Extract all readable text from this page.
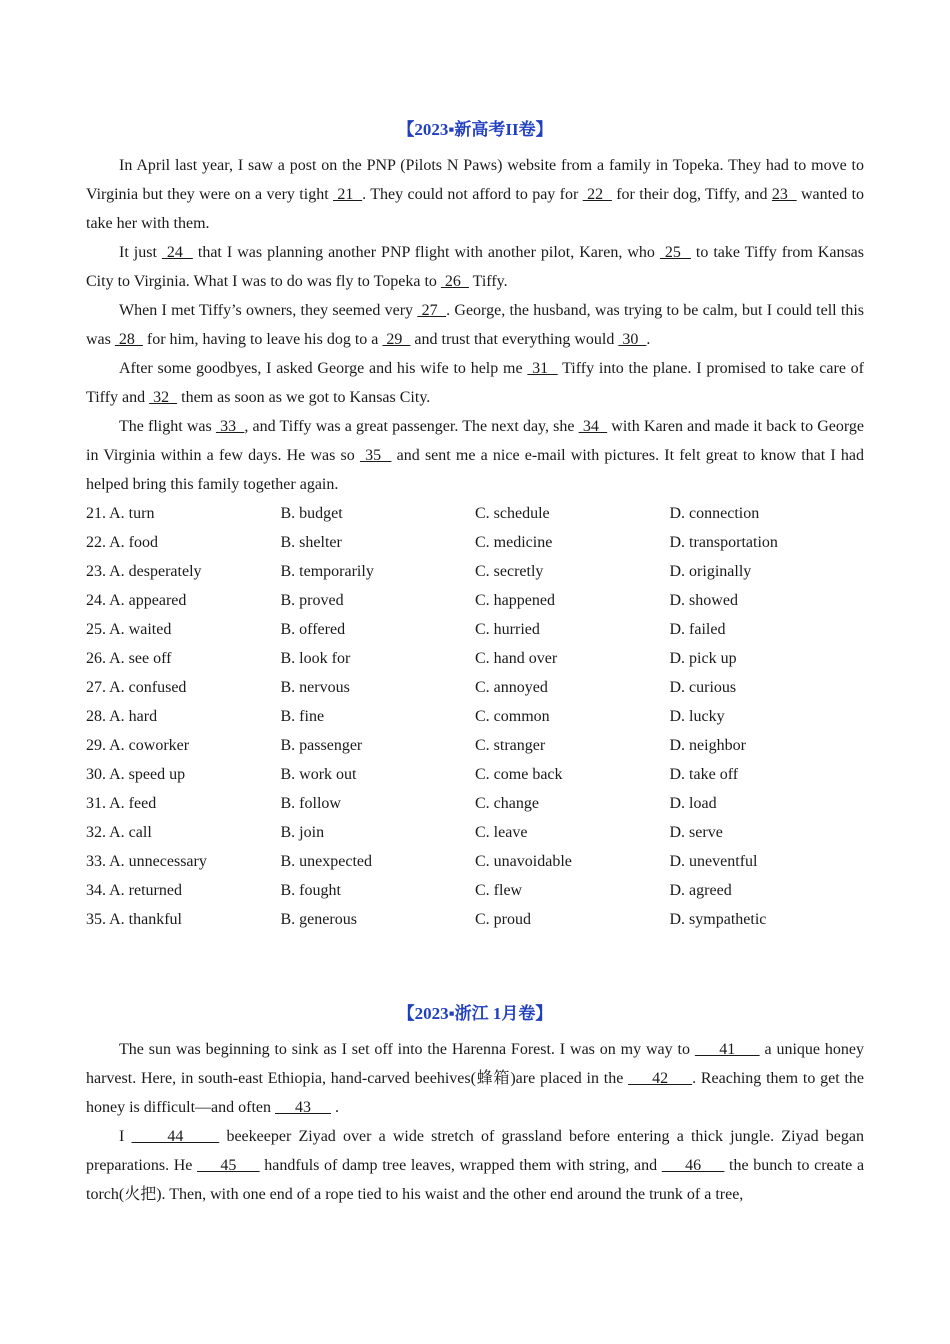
【2023▪新高考II卷】

In April last year, I saw a post on the PNP (Pilots N Paws) website from a family in Topeka. They had to move to Virginia but they were on a very tight  21  . They could not afford to pay for  22   for their dog, Tiffy, and 23   wanted to take her with them.

It just  24   that I was planning another PNP flight with another pilot, Karen, who  25   to take Tiffy from Kansas City to Virginia. What I was to do was fly to Topeka to  26   Tiffy.

When I met Tiffy’s owners, they seemed very  27  . George, the husband, was trying to be calm, but I could tell this was  28   for him, having to leave his dog to a  29   and trust that everything would  30  .

After some goodbyes, I asked George and his wife to help me  31   Tiffy into the plane. I promised to take care of Tiffy and  32   them as soon as we got to Kansas City.

The flight was  33  , and Tiffy was a great passenger. The next day, she  34   with Karen and made it back to George in Virginia within a few days. He was so  35   and sent me a nice e-mail with pictures. It felt great to know that I had helped bring this family together again.

21. A. turn	B. budget	C. schedule	D. connection
22. A. food	B. shelter	C. medicine	D. transportation
23. A. desperately	B. temporarily	C. secretly	D. originally
24. A. appeared	B. proved	C. happened	D. showed
25. A. waited	B. offered	C. hurried	D. failed
26. A. see off	B. look for	C. hand over	D. pick up
27. A. confused	B. nervous	C. annoyed	D. curious
28. A. hard	B. fine	C. common	D. lucky
29. A. coworker	B. passenger	C. stranger	D. neighbor
30. A. speed up	B. work out	C. come back	D. take off
31. A. feed	B. follow	C. change	D. load
32. A. call	B. join	C. leave	D. serve
33. A. unnecessary	B. unexpected	C. unavoidable	D. uneventful
34. A. returned	B. fought	C. flew	D. agreed
35. A. thankful	B. generous	C. proud	D. sympathetic
【2023▪浙江 1月卷】

The sun was beginning to sink as I set off into the Harenna Forest. I was on my way to      41      a unique honey harvest. Here, in south-east Ethiopia, hand-carved beehives(蜂箱)are placed in the      42     . Reaching them to get the honey is difficult—and often      43      .

I      44      beekeeper Ziyad over a wide stretch of grassland before entering a thick jungle. Ziyad began preparations. He      45      handfuls of damp tree leaves, wrapped them with string, and      46      the bunch to create a torch(火把). Then, with one end of a rope tied to his waist and the other end around the trunk of a tree,
